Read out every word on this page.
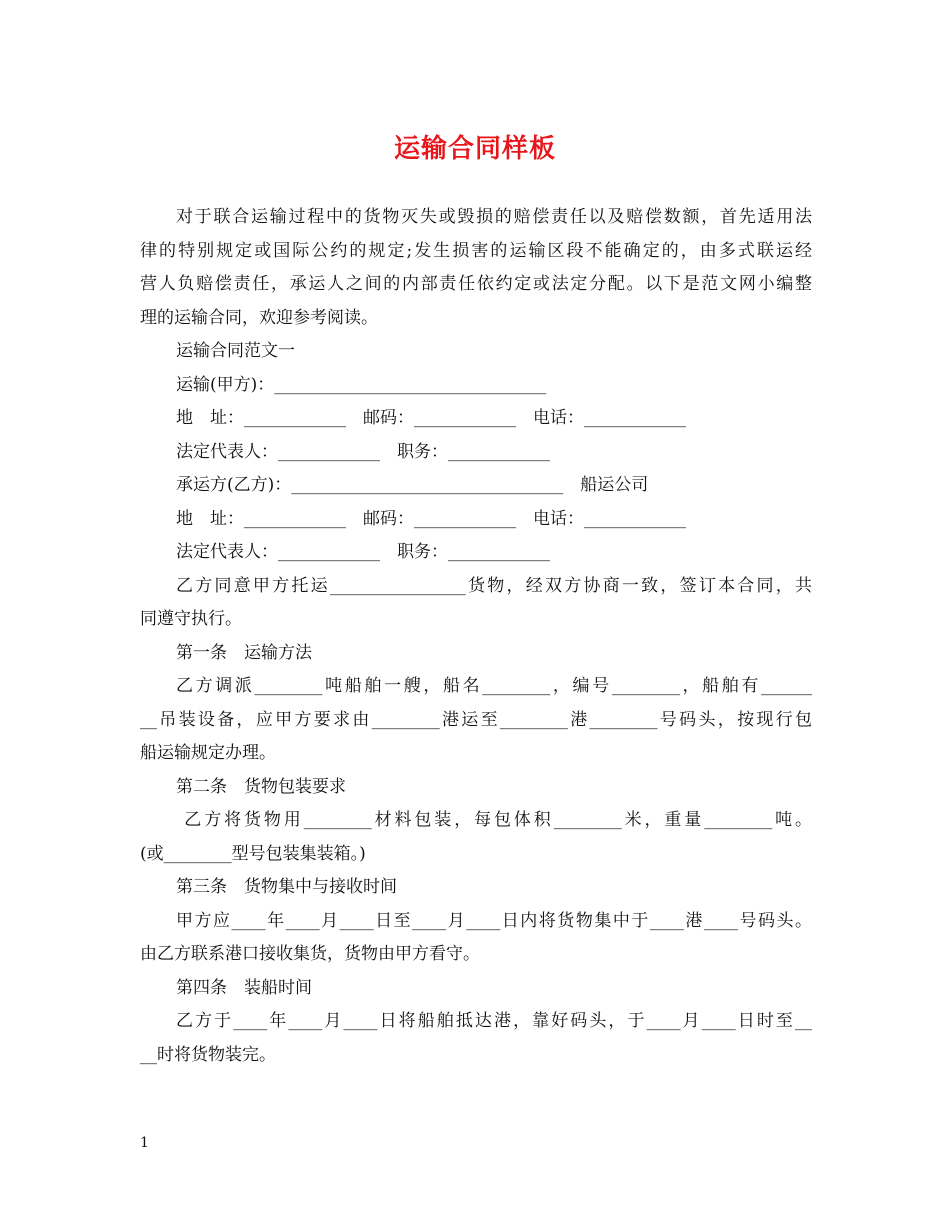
运输合同样板

对于联合运输过程中的货物灭失或毁损的赔偿责任以及赔偿数额，首先适用法

律的特别规定或国际公约的规定;发生损害的运输区段不能确定的，由多式联运经

营人负赔偿责任，承运人之间的内部责任依约定或法定分配。以下是范文网小编整

理的运输合同，欢迎参考阅读。

运输合同范文一

运输(甲方)：________________________________

地　址：____________　邮码：____________　电话：____________

法定代表人：____________　职务：____________

承运方(乙方)：________________________________　船运公司

地　址：____________　邮码：____________　电话：____________

法定代表人：____________　职务：____________

乙方同意甲方托运________________货物，经双方协商一致，签订本合同，共

同遵守执行。

第一条　运输方法

乙方调派________吨船舶一艘，船名________，编号________，船舶有______

__吊装设备，应甲方要求由________港运至________港________号码头，按现行包

船运输规定办理。

第二条　货物包装要求

乙方将货物用________材料包装，每包体积________米，重量________吨。

(或________型号包装集装箱。)

第三条　货物集中与接收时间

甲方应____年____月____日至____月____日内将货物集中于____港____号码头。

由乙方联系港口接收集货，货物由甲方看守。

第四条　装船时间

乙方于____年____月____日将船舶抵达港，靠好码头，于____月____日时至__

__时将货物装完。

1
